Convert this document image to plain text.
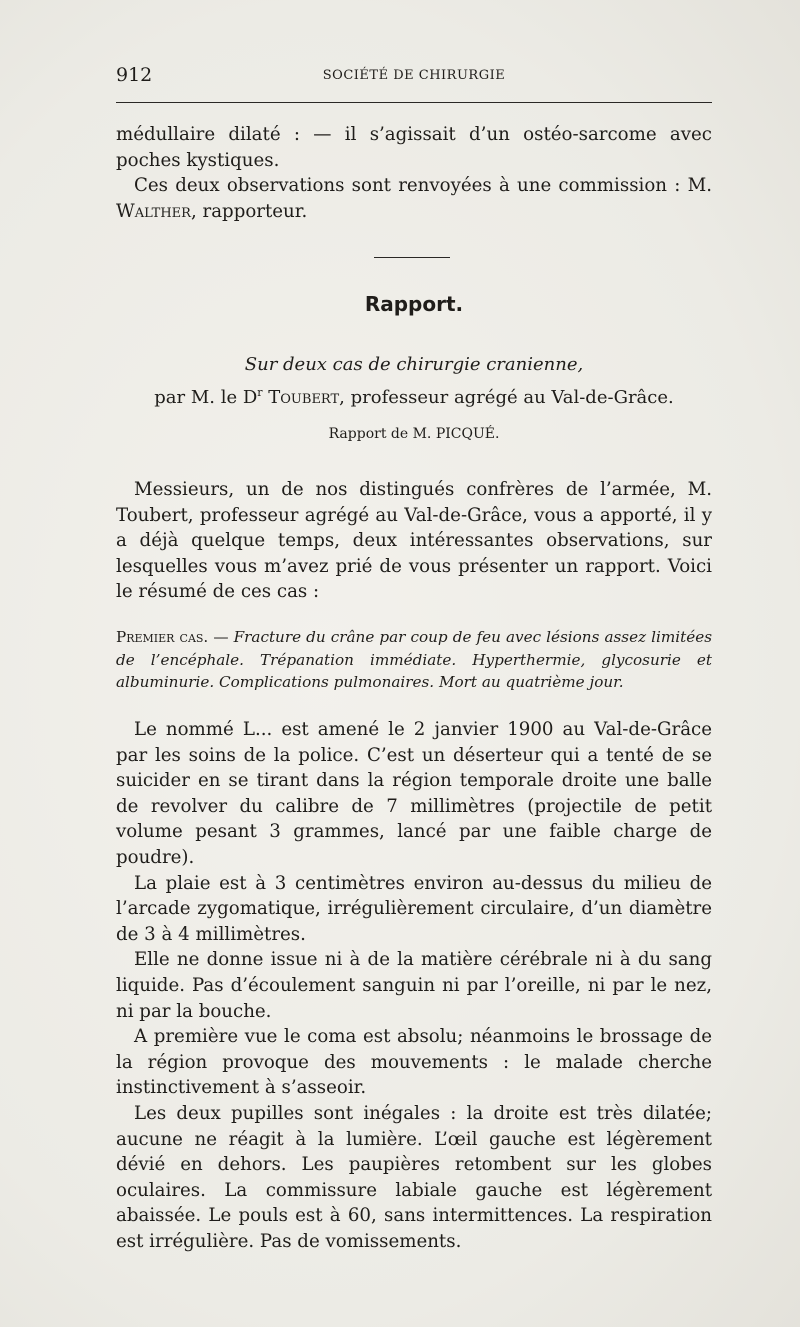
912	SOCIÉTÉ DE CHIRURGIE

médullaire dilaté : — il s’agissait d’un ostéo-sarcome avec poches kystiques.

Ces deux observations sont renvoyées à une commission : M. Walther, rapporteur.

Rapport.
Sur deux cas de chirurgie cranienne,
par M. le $D^r$ Toubert, professeur agrégé au Val-de-Grâce.
Rapport de M. PICQUÉ.

Messieurs, un de nos distingués confrères de l’armée, M. Toubert, professeur agrégé au Val-de-Grâce, vous a apporté, il y a déjà quelque temps, deux intéressantes observations, sur lesquelles vous m’avez prié de vous présenter un rapport. Voici le résumé de ces cas :

Premier cas. — Fracture du crâne par coup de feu avec lésions assez limitées de l’encéphale. Trépanation immédiate. Hyperthermie, glycosurie et albuminurie. Complications pulmonaires. Mort au quatrième jour.

Le nommé L... est amené le 2 janvier 1900 au Val-de-Grâce par les soins de la police. C’est un déserteur qui a tenté de se suicider en se tirant dans la région temporale droite une balle de revolver du calibre de 7 millimètres (projectile de petit volume pesant 3 grammes, lancé par une faible charge de poudre).

La plaie est à 3 centimètres environ au-dessus du milieu de l’arcade zygomatique, irrégulièrement circulaire, d’un diamètre de 3 à 4 millimètres.

Elle ne donne issue ni à de la matière cérébrale ni à du sang liquide. Pas d’écoulement sanguin ni par l’oreille, ni par le nez, ni par la bouche.

A première vue le coma est absolu; néanmoins le brossage de la région provoque des mouvements : le malade cherche instinctivement à s’asseoir.

Les deux pupilles sont inégales : la droite est très dilatée; aucune ne réagit à la lumière. L’œil gauche est légèrement dévié en dehors. Les paupières retombent sur les globes oculaires. La commissure labiale gauche est légèrement abaissée. Le pouls est à 60, sans intermittences. La respiration est irrégulière. Pas de vomissements.
